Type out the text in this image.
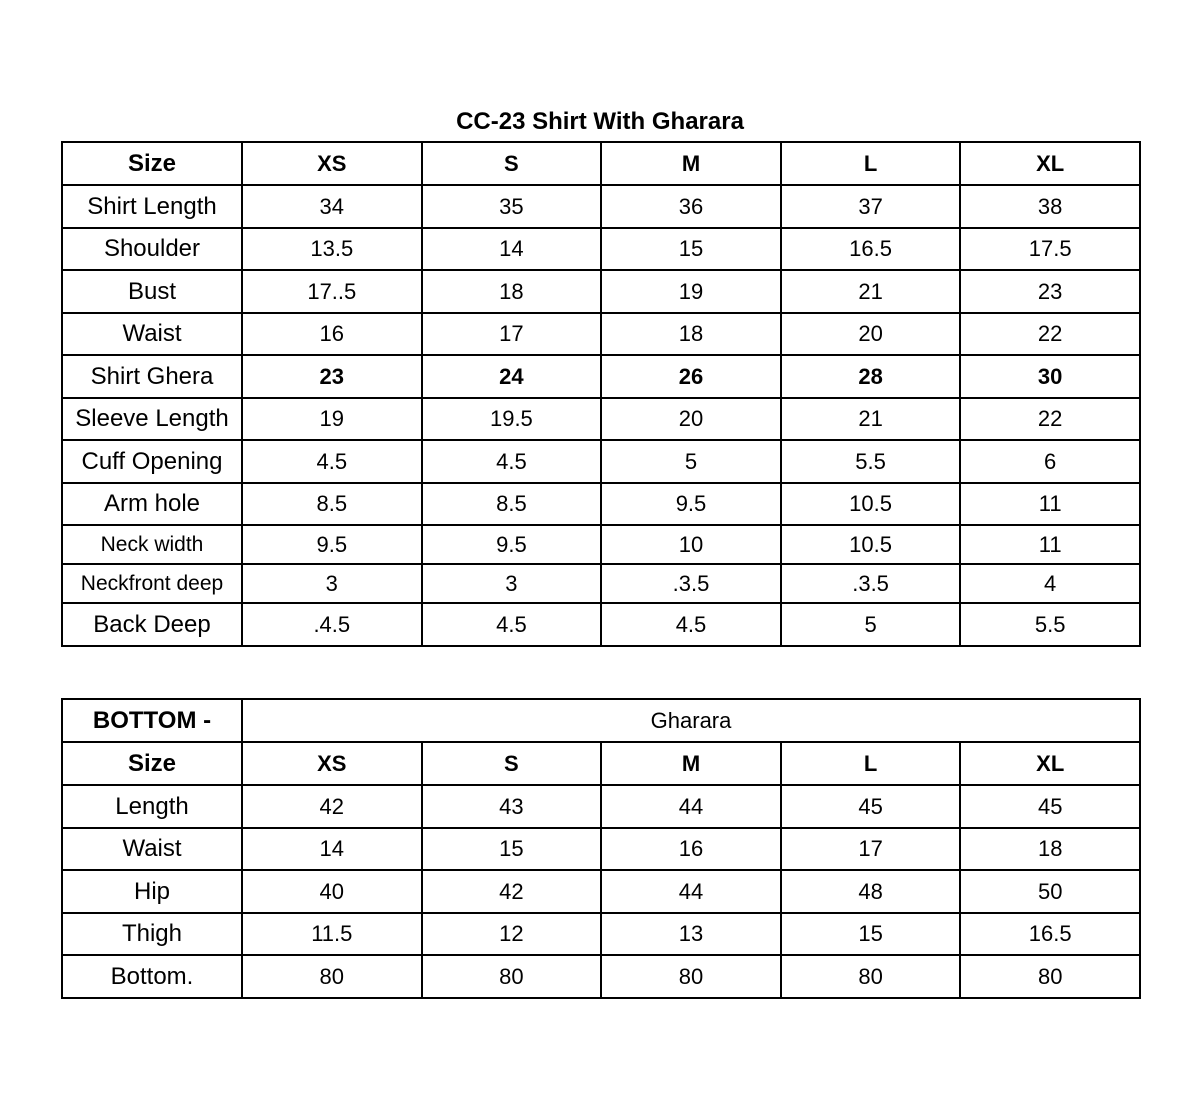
CC-23 Shirt With Gharara
Size	XS	S	M	L	XL
Shirt Length	34	35	36	37	38
Shoulder	13.5	14	15	16.5	17.5
Bust	17..5	18	19	21	23
Waist	16	17	18	20	22
Shirt Ghera	23	24	26	28	30
Sleeve Length	19	19.5	20	21	22
Cuff Opening	4.5	4.5	5	5.5	6
Arm hole	8.5	8.5	9.5	10.5	11
Neck width	9.5	9.5	10	10.5	11
Neckfront deep	3	3	.3.5	.3.5	4
Back Deep	.4.5	4.5	4.5	5	5.5
BOTTOM -	Gharara				
Size	XS	S	M	L	XL
Length	42	43	44	45	45
Waist	14	15	16	17	18
Hip	40	42	44	48	50
Thigh	11.5	12	13	15	16.5
Bottom.	80	80	80	80	80
